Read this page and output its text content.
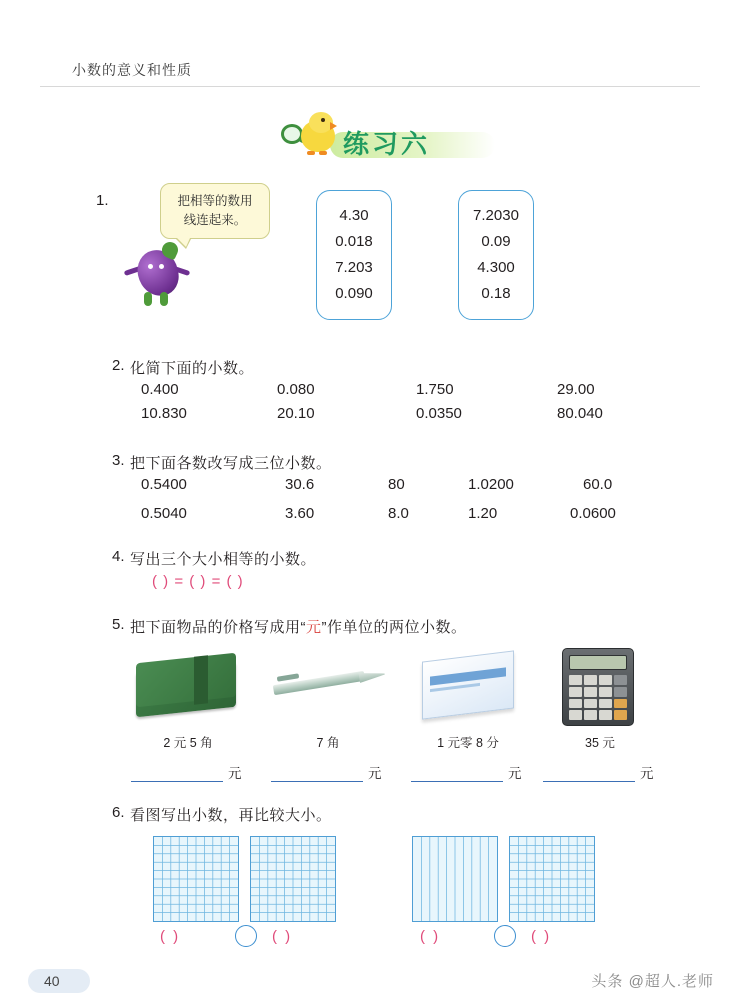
小数的意义和性质
练习六
1.	把相等的数用
线连起来。	4.30
0.018
7.203
0.090
7.2030
0.09
4.300
0.18
2. 化简下面的小数。
0.400	0.080	1.750	29.00
10.830	20.10	0.0350	80.040
3. 把下面各数改写成三位小数。
0.5400	30.6	80	1.0200	60.0
0.5040	3.60	8.0	1.20	0.0600
4. 写出三个大小相等的小数。
( ) = ( ) = ( )
5. 把下面物品的价格写成用“元”作单位的两位小数。
2 元 5 角
元
7 角
元
1 元零 8 分
元
35 元
元
6. 看图写出小数，再比较大小。
( )	( )	( )	( )
40	头条 @超人.老师
